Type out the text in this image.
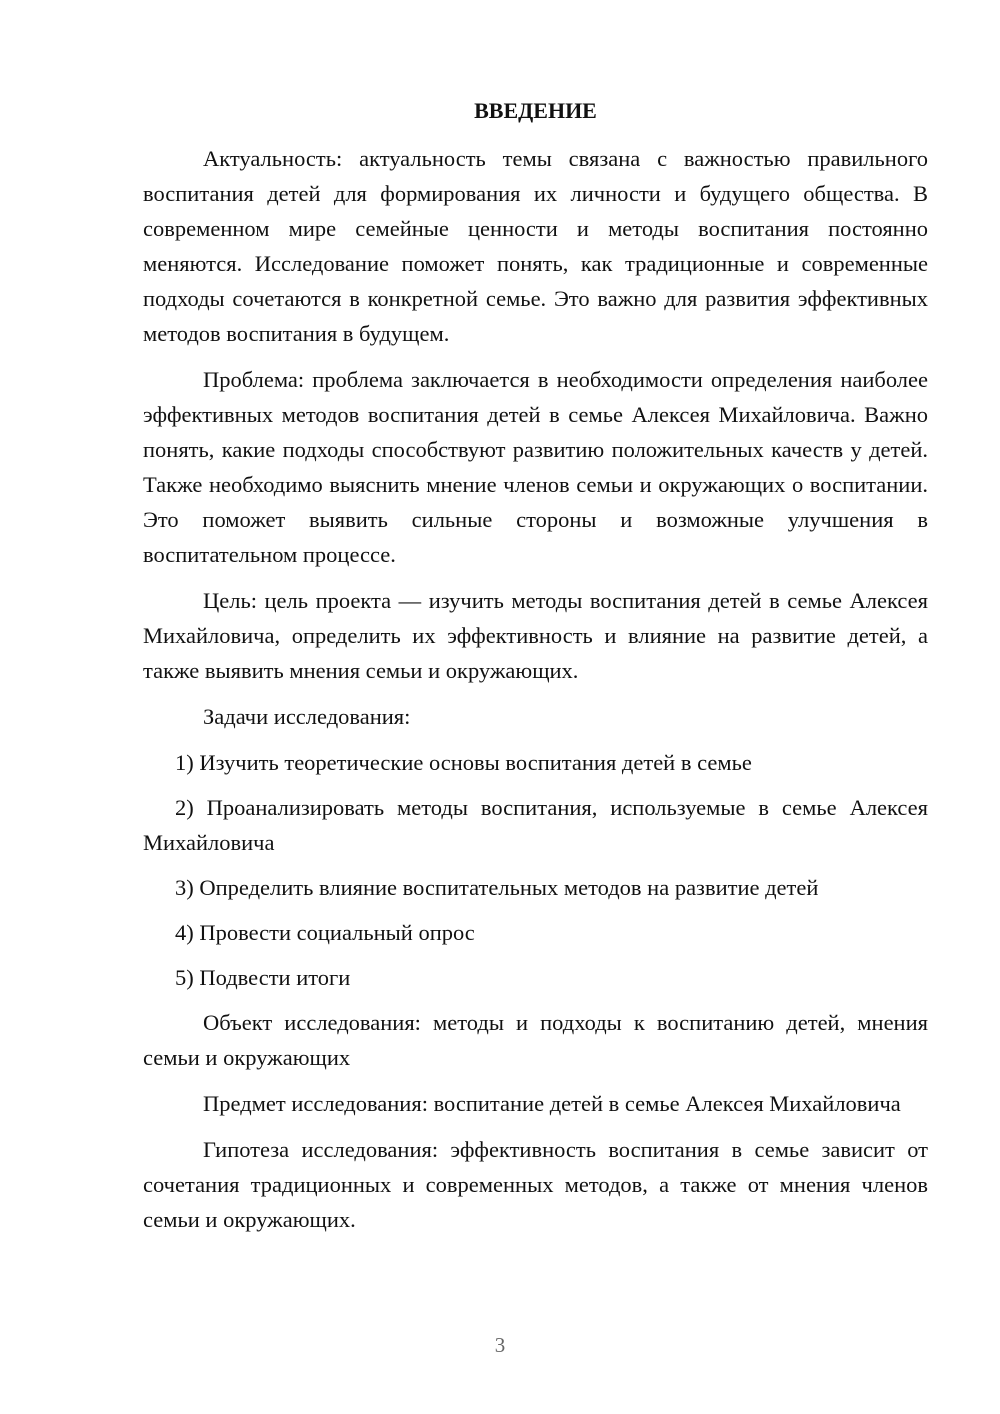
ВВЕДЕНИЕ

Актуальность: актуальность темы связана с важностью правильного воспитания детей для формирования их личности и будущего общества. В современном мире семейные ценности и методы воспитания постоянно меняются. Исследование поможет понять, как традиционные и современные подходы сочетаются в конкретной семье. Это важно для развития эффективных методов воспитания в будущем.

Проблема: проблема заключается в необходимости определения наиболее эффективных методов воспитания детей в семье Алексея Михайловича. Важно понять, какие подходы способствуют развитию положительных качеств у детей. Также необходимо выяснить мнение членов семьи и окружающих о воспитании. Это поможет выявить сильные стороны и возможные улучшения в воспитательном процессе.

Цель: цель проекта — изучить методы воспитания детей в семье Алексея Михайловича, определить их эффективность и влияние на развитие детей, а также выявить мнения семьи и окружающих.

Задачи исследования:

1) Изучить теоретические основы воспитания детей в семье

2) Проанализировать методы воспитания, используемые в семье Алексея Михайловича

3) Определить влияние воспитательных методов на развитие детей

4) Провести социальный опрос

5) Подвести итоги

Объект исследования: методы и подходы к воспитанию детей, мнения семьи и окружающих

Предмет исследования: воспитание детей в семье Алексея Михайловича

Гипотеза исследования: эффективность воспитания в семье зависит от сочетания традиционных и современных методов, а также от мнения членов семьи и окружающих.

3
